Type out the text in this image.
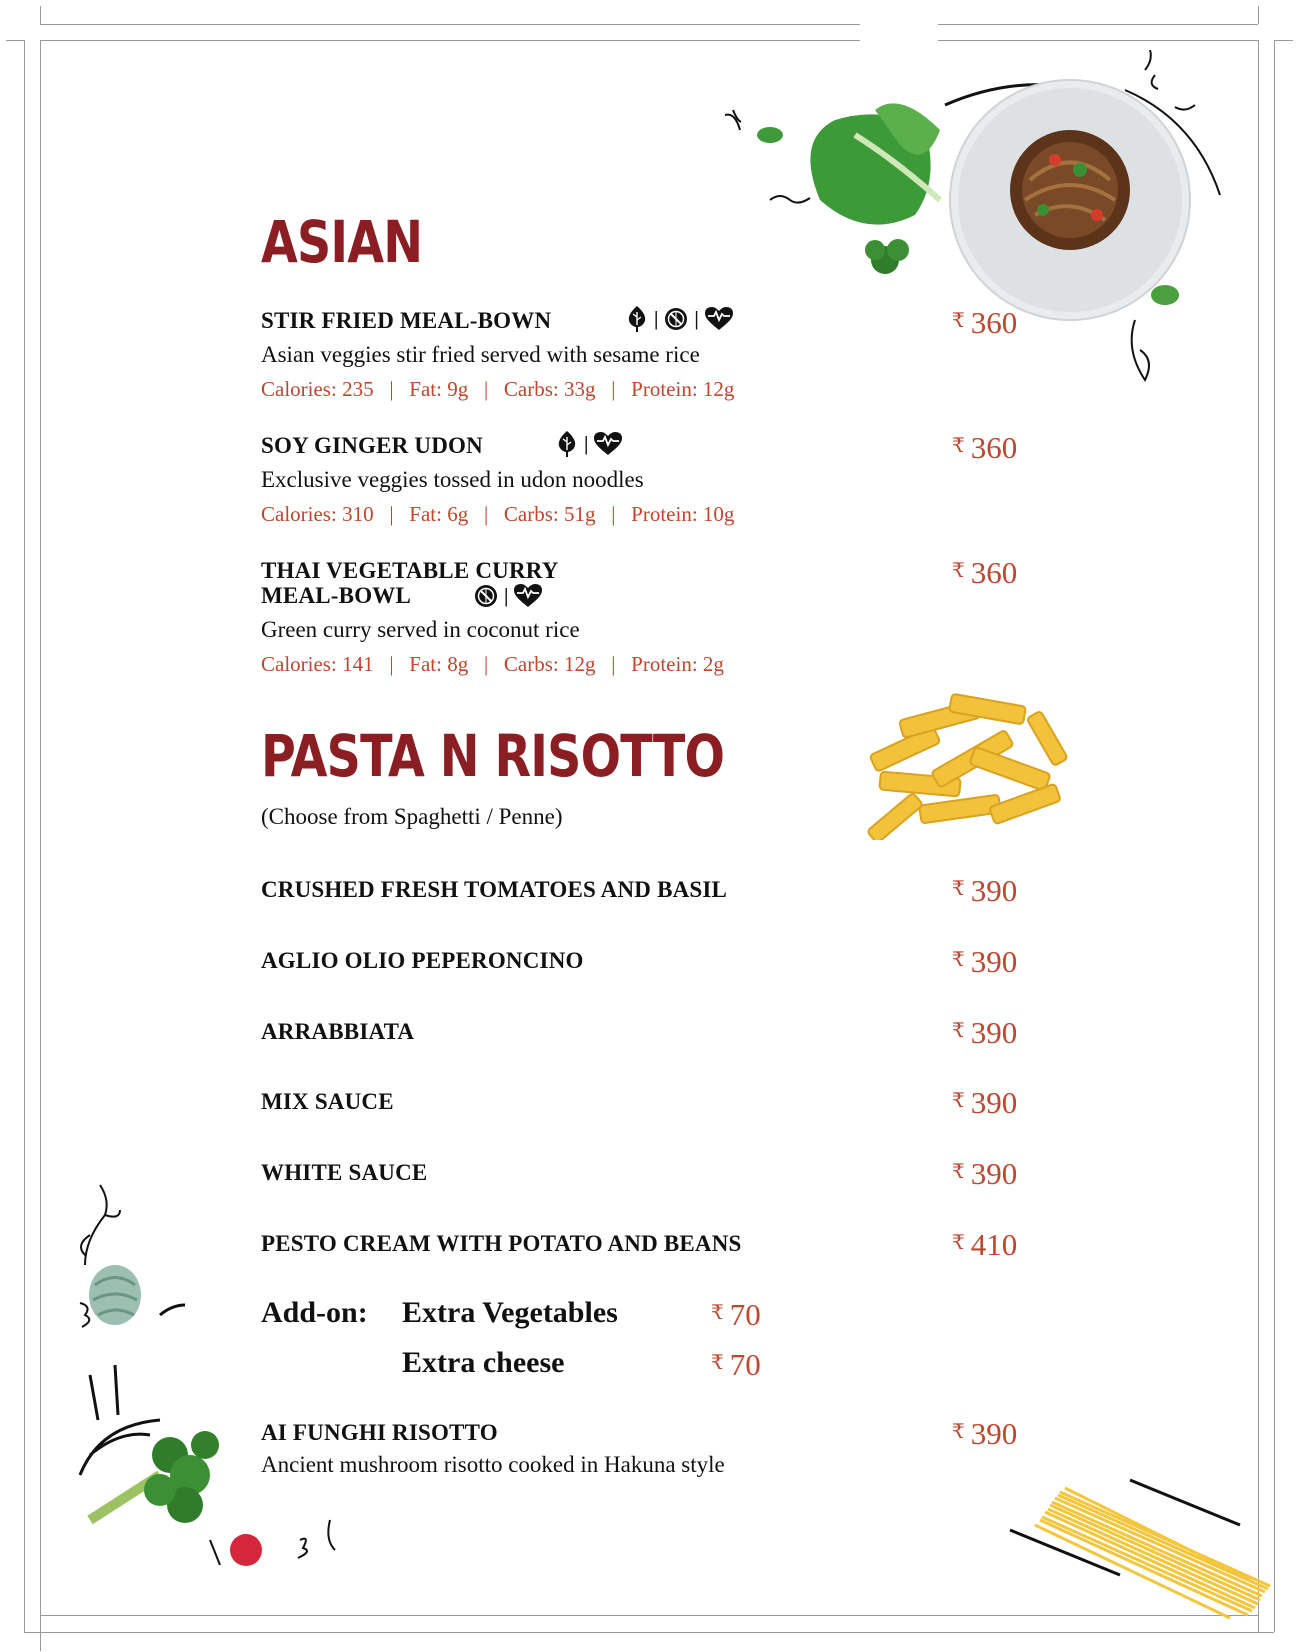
ASIAN
STIR FRIED MEAL-BOWN	| |
Asian veggies stir fried served with sesame rice
Calories: 235   |   Fat: 9g   |   Carbs: 33g   |   Protein: 12g
₹ 360
SOY GINGER UDON	|
Exclusive veggies tossed in udon noodles
Calories: 310   |   Fat: 6g   |   Carbs: 51g   |   Protein: 10g
₹ 360
THAI VEGETABLE CURRY
MEAL-BOWL	|
Green curry served in coconut rice
Calories: 141   |   Fat: 8g   |   Carbs: 12g   |   Protein: 2g
₹ 360
PASTA N RISOTTO
(Choose from Spaghetti / Penne)
CRUSHED FRESH TOMATOES AND BASIL	₹ 390
AGLIO OLIO PEPERONCINO	₹ 390
ARRABBIATA	₹ 390
MIX SAUCE	₹ 390
WHITE SAUCE	₹ 390
PESTO CREAM WITH POTATO AND BEANS	₹ 410
Add-on: Extra Vegetables	₹ 70
Extra cheese	₹ 70
AI FUNGHI RISOTTO
Ancient mushroom risotto cooked in Hakuna style
₹ 390
